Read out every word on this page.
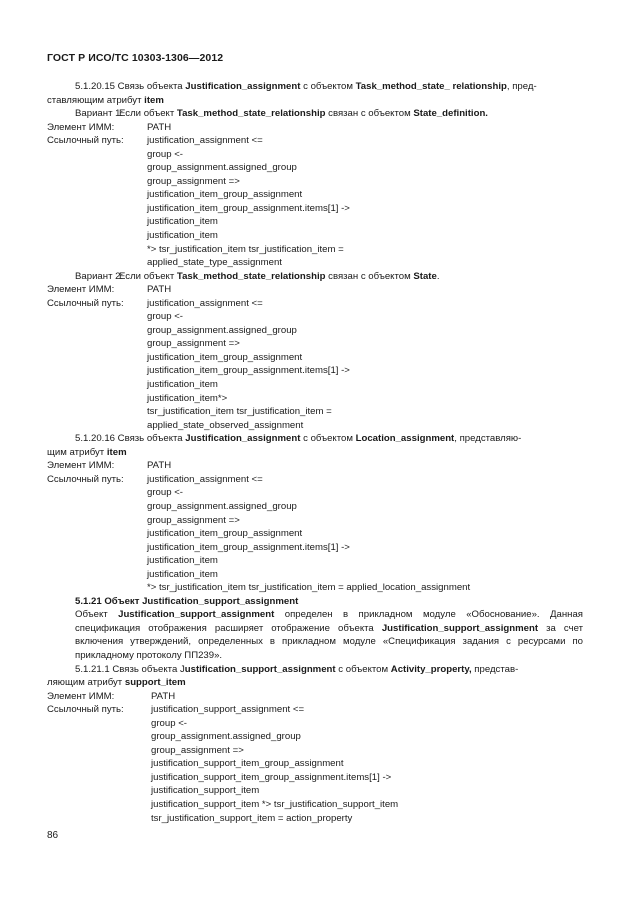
ГОСТ Р ИСО/ТС 10303-1306—2012
5.1.20.15 Связь объекта Justification_assignment с объектом Task_method_state_ relationship, пред-
ставляющим атрибут item
Вариант 1:Если объект Task_method_state_relationship связан с объектом State_definition.
Элемент ИММ:	PATH
Ссылочный путь: justification_assignment <=
group <-
group_assignment.assigned_group
group_assignment =>
justification_item_group_assignment
justification_item_group_assignment.items[1] ->
justification_item
justification_item
*> tsr_justification_item tsr_justification_item =
applied_state_type_assignment
Вариант 2:Если объект Task_method_state_relationship связан с объектом State.
Элемент ИММ:	PATH
Ссылочный путь: justification_assignment <=
group <-
group_assignment.assigned_group
group_assignment =>
justification_item_group_assignment
justification_item_group_assignment.items[1] ->
justification_item
justification_item*>
tsr_justification_item tsr_justification_item =
applied_state_observed_assignment
5.1.20.16 Связь объекта Justification_assignment с объектом Location_assignment, представляю-
щим атрибут item
Элемент ИММ:	PATH
Ссылочный путь: justification_assignment <=
group <-
group_assignment.assigned_group
group_assignment =>
justification_item_group_assignment
justification_item_group_assignment.items[1] ->
justification_item
justification_item
*> tsr_justification_item tsr_justification_item = applied_location_assignment
5.1.21 Объект Justification_support_assignment
Объект Justification_support_assignment определен в прикладном модуле «Обоснование». Данная спецификация отображения расширяет отображение объекта Justification_support_assignment за счет включения утверждений, определенных в прикладном модуле «Спецификация задания с ресурсами по прикладному протоколу ПП239».
5.1.21.1 Связь объекта Justification_support_assignment с объектом Activity_property, представ-
ляющим атрибут support_item
Элемент ИММ:	PATH
Ссылочный путь:	justification_support_assignment <=
group <-
group_assignment.assigned_group
group_assignment =>
justification_support_item_group_assignment
justification_support_item_group_assignment.items[1] ->
justification_support_item
justification_support_item *> tsr_justification_support_item
tsr_justification_support_item = action_property
86
